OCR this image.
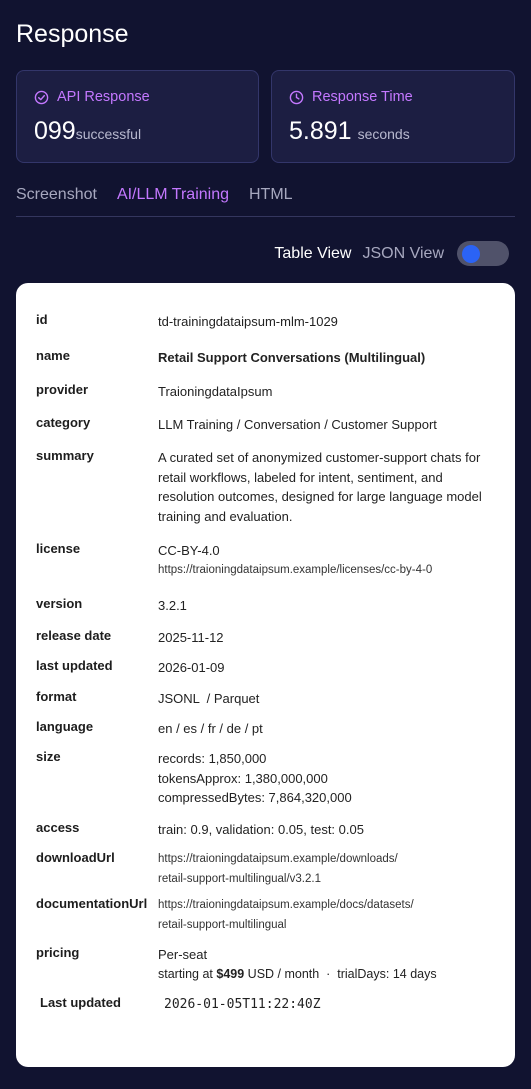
Response
API Response
099successful
Response Time
5.891 seconds
Screenshot AI/LLM Training HTML
Table View JSON View
id	td-trainingdataipsum-mlm-1029
name	Retail Support Conversations (Multilingual)
provider	TraioningdataIpsum
category	LLM Training / Conversation / Customer Support
summary	A curated set of anonymized customer-support chats for retail workflows, labeled for intent, sentiment, and resolution outcomes, designed for large language model training and evaluation.
license	CC-BY-4.0
https://traioningdataipsum.example/licenses/cc-by-4-0
version	3.2.1
release date	2025-11-12
last updated	2026-01-09
format	JSONL  / Parquet
language	en / es / fr / de / pt
size	records: 1,850,000
tokensApprox: 1,380,000,000
compressedBytes: 7,864,320,000
access	train: 0.9, validation: 0.05, test: 0.05
downloadUrl	https://traioningdataipsum.example/downloads/
retail-support-multilingual/v3.2.1
documentationUrl https://traioningdataipsum.example/docs/datasets/
retail-support-multilingual
pricing	Per-seat
starting at $499 USD / month  ·  trialDays: 14 days
Last updated	2026-01-05T11:22:40Z
